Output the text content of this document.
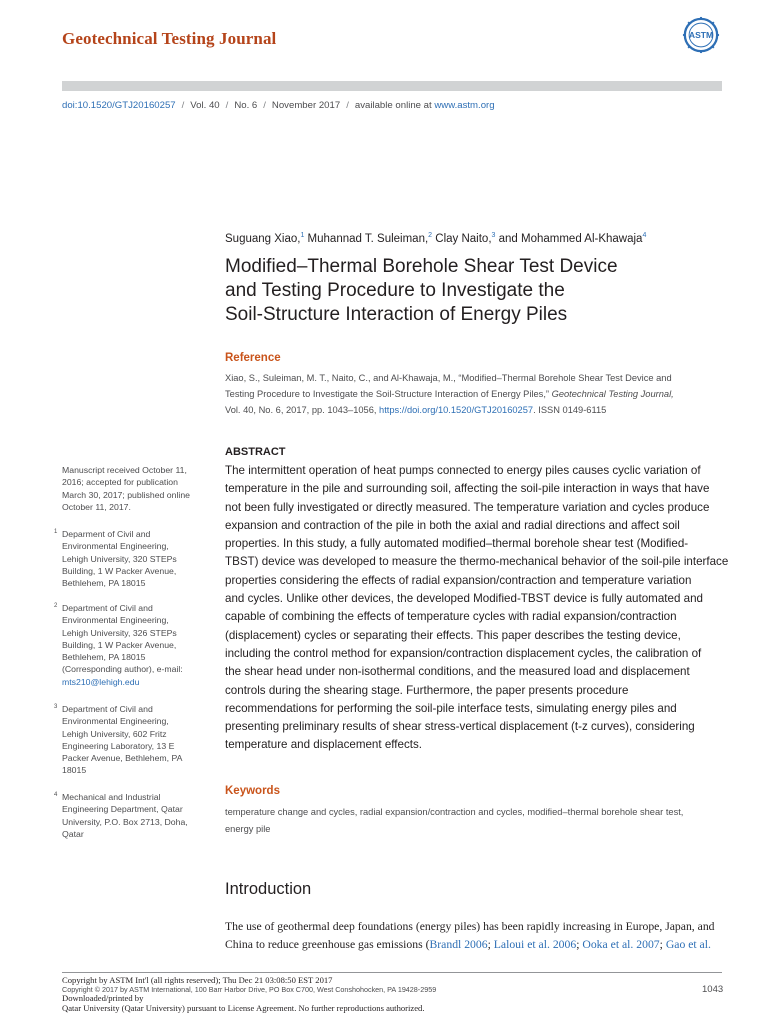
Geotechnical Testing Journal	ASTM
doi:10.1520/GTJ20160257 / Vol. 40 / No. 6 / November 2017 / available online at www.astm.org
Suguang Xiao,$^1$ Muhannad T. Suleiman,$^2$ Clay Naito,$^3$ and Mohammed Al-Khawaja$^4$
Modified–Thermal Borehole Shear Test Device
and Testing Procedure to Investigate the
Soil-Structure Interaction of Energy Piles
Reference
Xiao, S., Suleiman, M. T., Naito, C., and Al-Khawaja, M., “Modified–Thermal Borehole Shear Test Device and
Testing Procedure to Investigate the Soil-Structure Interaction of Energy Piles,” Geotechnical Testing Journal,
Vol. 40, No. 6, 2017, pp. 1043–1056, https://doi.org/10.1520/GTJ20160257. ISSN 0149-6115
ABSTRACT
The intermittent operation of heat pumps connected to energy piles causes cyclic variation of
temperature in the pile and surrounding soil, affecting the soil-pile interaction in ways that have
not been fully investigated or directly measured. The temperature variation and cycles produce
expansion and contraction of the pile in both the axial and radial directions and affect soil
properties. In this study, a fully automated modified–thermal borehole shear test (Modified-
TBST) device was developed to measure the thermo-mechanical behavior of the soil-pile interface
properties considering the effects of radial expansion/contraction and temperature variation
and cycles. Unlike other devices, the developed Modified-TBST device is fully automated and
capable of combining the effects of temperature cycles with radial expansion/contraction
(displacement) cycles or separating their effects. This paper describes the testing device,
including the control method for expansion/contraction displacement cycles, the calibration of
the shear head under non-isothermal conditions, and the measured load and displacement
controls during the shearing stage. Furthermore, the paper presents procedure
recommendations for performing the soil-pile interface tests, simulating energy piles and
presenting preliminary results of shear stress-vertical displacement (t-z curves), considering
temperature and displacement effects.
Keywords
temperature change and cycles, radial expansion/contraction and cycles, modified–thermal borehole shear test,
energy pile
Introduction
The use of geothermal deep foundations (energy piles) has been rapidly increasing in Europe, Japan, and
China to reduce greenhouse gas emissions (Brandl 2006; Laloui et al. 2006; Ooka et al. 2007; Gao et al.
Manuscript received October 11,
2016; accepted for publication
March 30, 2017; published online
October 11, 2017.
1 Deparment of Civil and
Environmental Engineering,
Lehigh University, 320 STEPs
Building, 1 W Packer Avenue,
Bethlehem, PA 18015
2 Department of Civil and
Environmental Engineering,
Lehigh University, 326 STEPs
Building, 1 W Packer Avenue,
Bethlehem, PA 18015
(Corresponding author), e-mail:
mts210@lehigh.edu
3 Department of Civil and
Environmental Engineering,
Lehigh University, 602 Fritz
Engineering Laboratory, 13 E
Packer Avenue, Bethlehem, PA
18015
4 Mechanical and Industrial
Engineering Department, Qatar
University, P.O. Box 2713, Doha,
Qatar
Copyright by ASTM Int'l (all rights reserved); Thu Dec 21 03:08:50 EST 2017
Copyright © 2017 by ASTM International, 100 Barr Harbor Drive, PO Box C700, West Conshohocken, PA 19428-2959
Downloaded/printed by
Qatar University (Qatar University) pursuant to License Agreement. No further reproductions authorized.
1043
